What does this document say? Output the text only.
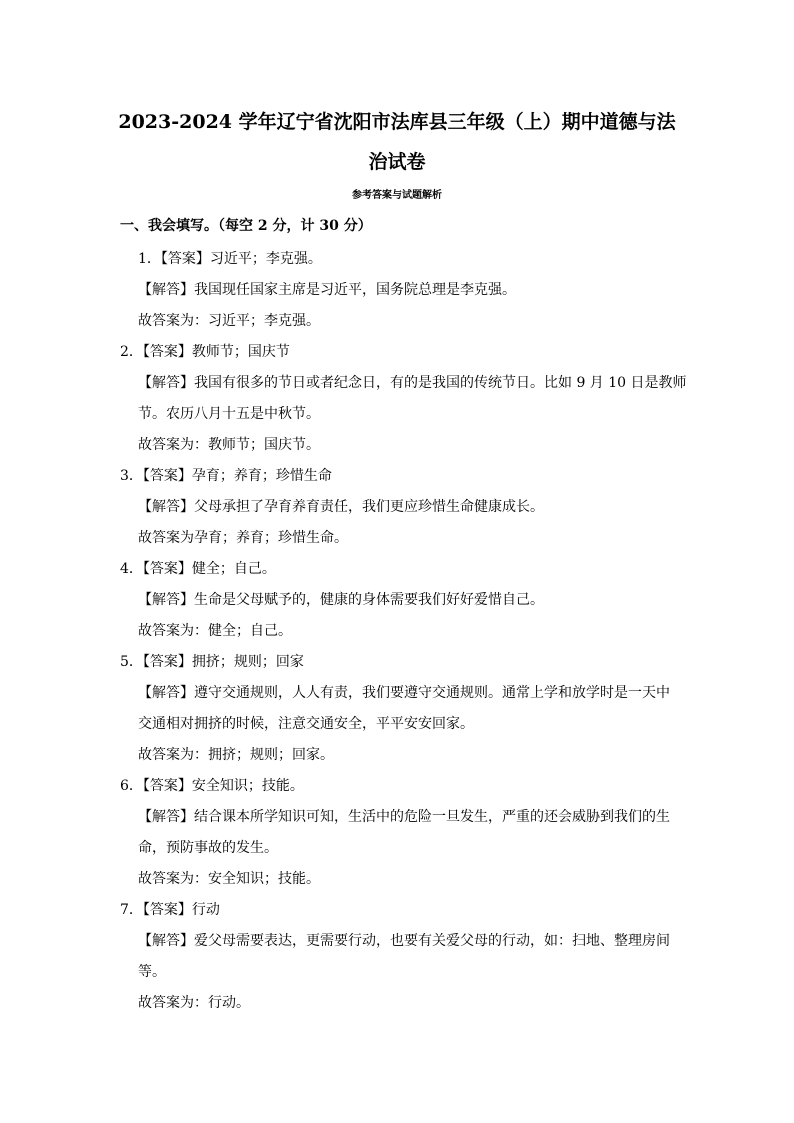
2023-2024 学年辽宁省沈阳市法库县三年级（上）期中道德与法
治试卷
参考答案与试题解析
一、我会填写。（每空 2 分，计 30 分）
1．【答案】习近平；李克强。
【解答】我国现任国家主席是习近平，国务院总理是李克强。
故答案为：习近平；李克强。
2．【答案】教师节；国庆节
【解答】我国有很多的节日或者纪念日，有的是我国的传统节日。比如 9 月 10 日是教师
节。农历八月十五是中秋节。
故答案为：教师节；国庆节。
3．【答案】孕育；养育；珍惜生命
【解答】父母承担了孕育养育责任，我们更应珍惜生命健康成长。
故答案为孕育；养育；珍惜生命。
4．【答案】健全；自己。
【解答】生命是父母赋予的，健康的身体需要我们好好爱惜自己。
故答案为：健全；自己。
5．【答案】拥挤；规则；回家
【解答】遵守交通规则，人人有责，我们要遵守交通规则。通常上学和放学时是一天中
交通相对拥挤的时候，注意交通安全，平平安安回家。
故答案为：拥挤；规则；回家。
6．【答案】安全知识；技能。
【解答】结合课本所学知识可知，生活中的危险一旦发生，严重的还会威胁到我们的生
命，预防事故的发生。
故答案为：安全知识；技能。
7．【答案】行动
【解答】爱父母需要表达，更需要行动，也要有关爱父母的行动，如：扫地、整理房间
等。
故答案为：行动。
